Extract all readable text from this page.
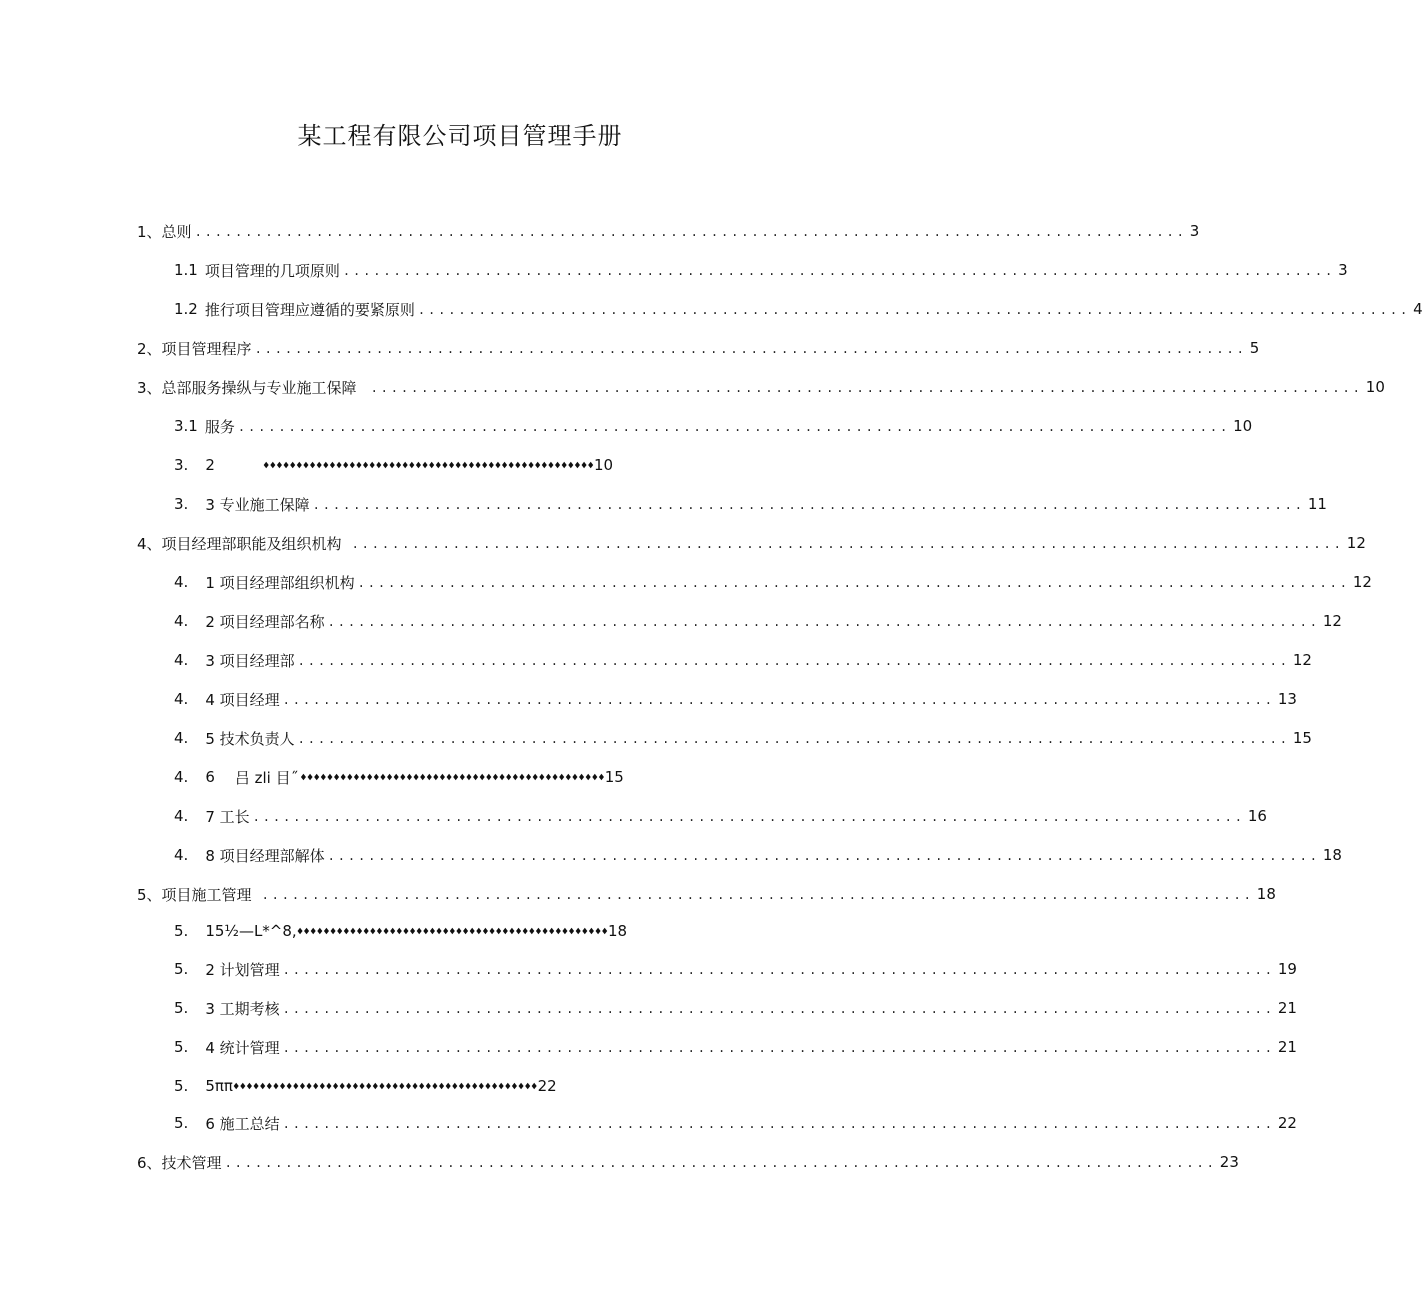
某工程有限公司项目管理手册
1、 总则 .................................................................................................. 3
1.1 项目管理的几项原则 .................................................................................................. 3
1.2 推行项目管理应遵循的要紧原则 .................................................................................................. 4
2、 项目管理程序 .................................................................................................. 5
3、 总部服务操纵与专业施工保障 .................................................................................................. 10
3.1 服务 .................................................................................................. 10
3. 2	♦♦♦♦♦♦♦♦♦♦♦♦♦♦♦♦♦♦♦♦♦♦♦♦♦♦♦♦♦♦♦♦♦♦♦♦♦♦♦♦♦♦♦♦♦♦♦♦♦♦ 10
3. 3 专业施工保障 .................................................................................................. 11
4、 项目经理部职能及组织机构 .................................................................................................. 12
4. 1 项目经理部组织机构 .................................................................................................. 12
4. 2 项目经理部名称 .................................................................................................. 12
4. 3 项目经理部 .................................................................................................. 12
4. 4 项目经理 .................................................................................................. 13
4. 5 技术负责人 .................................................................................................. 15
4. 6 吕 zli 目˝ ♦♦♦♦♦♦♦♦♦♦♦♦♦♦♦♦♦♦♦♦♦♦♦♦♦♦♦♦♦♦♦♦♦♦♦♦♦♦♦♦♦♦♦♦♦♦ 15
4. 7 工长 .................................................................................................. 16
4. 8 项目经理部解体 .................................................................................................. 18
5、 项目施工管理 .................................................................................................. 18
5. 15½—L*^8, ♦♦♦♦♦♦♦♦♦♦♦♦♦♦♦♦♦♦♦♦♦♦♦♦♦♦♦♦♦♦♦♦♦♦♦♦♦♦♦♦♦♦♦♦♦♦♦ 18
5. 2 计划管理 .................................................................................................. 19
5. 3 工期考核 .................................................................................................. 21
5. 4 统计管理 .................................................................................................. 21
5. 5ππ ♦♦♦♦♦♦♦♦♦♦♦♦♦♦♦♦♦♦♦♦♦♦♦♦♦♦♦♦♦♦♦♦♦♦♦♦♦♦♦♦♦♦♦♦♦♦ 22
5. 6 施工总结 .................................................................................................. 22
6、 技术管理 .................................................................................................. 23
